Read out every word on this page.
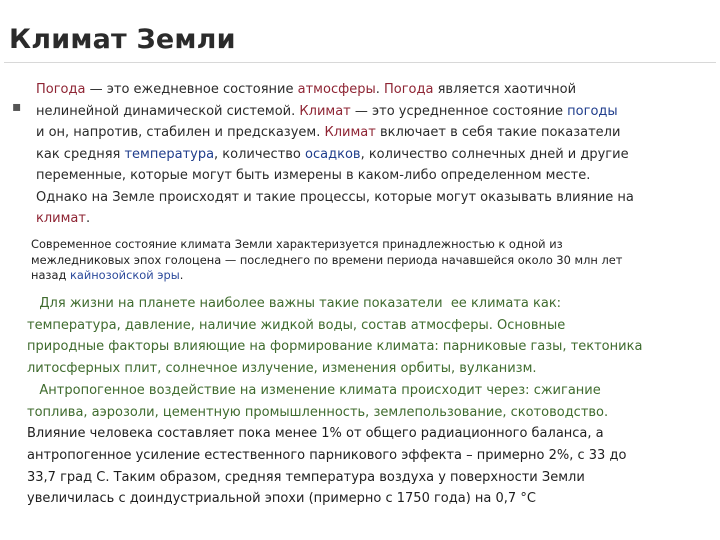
Климат Земли
▪
Погода — это ежедневное состояние атмосферы. Погода является хаотичной
нелинейной динамической системой. Климат — это усредненное состояние погоды
и он, напротив, стабилен и предсказуем. Климат включает в себя такие показатели
как средняя температура, количество осадков, количество солнечных дней и другие
переменные, которые могут быть измерены в каком-либо определенном месте.
Однако на Земле происходят и такие процессы, которые могут оказывать влияние на
климат.
Современное состояние климата Земли характеризуется принадлежностью к одной из
межледниковых эпох голоцена — последнего по времени периода начавшейся около 30 млн лет
назад кайнозойской эры.
Для жизни на планете наиболее важны такие показатели  ее климата как:
температура, давление, наличие жидкой воды, состав атмосферы. Основные
природные факторы влияющие на формирование климата: парниковые газы, тектоника
литосферных плит, солнечное излучение, изменения орбиты, вулканизм.
Антропогенное воздействие на изменение климата происходит через: сжигание
топлива, аэрозоли, цементную промышленность, землепользование, скотоводство.
Влияние человека составляет пока менее 1% от общего радиационного баланса, а
антропогенное усиление естественного парникового эффекта – примерно 2%, с 33 до
33,7 град С. Таким образом, средняя температура воздуха у поверхности Земли
увеличилась с доиндустриальной эпохи (примерно с 1750 года) на 0,7 °С
